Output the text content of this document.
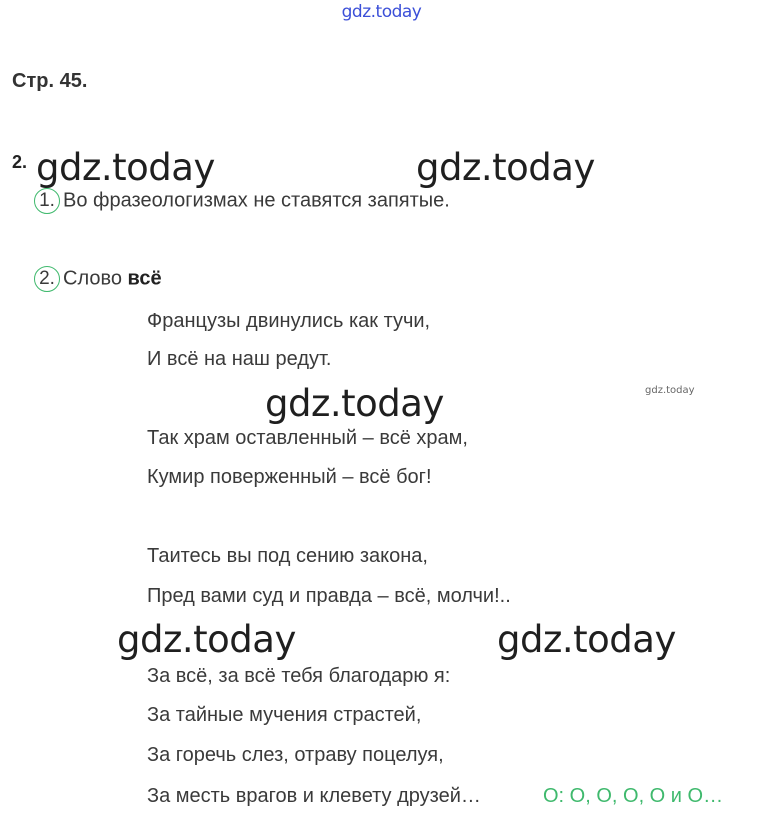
gdz.today
Стр. 45.
2. gdz.today	gdz.today
1. Во фразеологизмах не ставятся запятые.
2. Слово всё
Французы двинулись как тучи,
И всё на наш редут.
gdz.today	gdz.today
Так храм оставленный – всё храм,
Кумир поверженный – всё бог!
Таитесь вы под сению закона,
Пред вами суд и правда – всё, молчи!..
gdz.today	gdz.today
За всё, за всё тебя благодарю я:
За тайные мучения страстей,
За горечь слез, отраву поцелуя,
За месть врагов и клевету друзей…	О: О, О, О, О и О…
